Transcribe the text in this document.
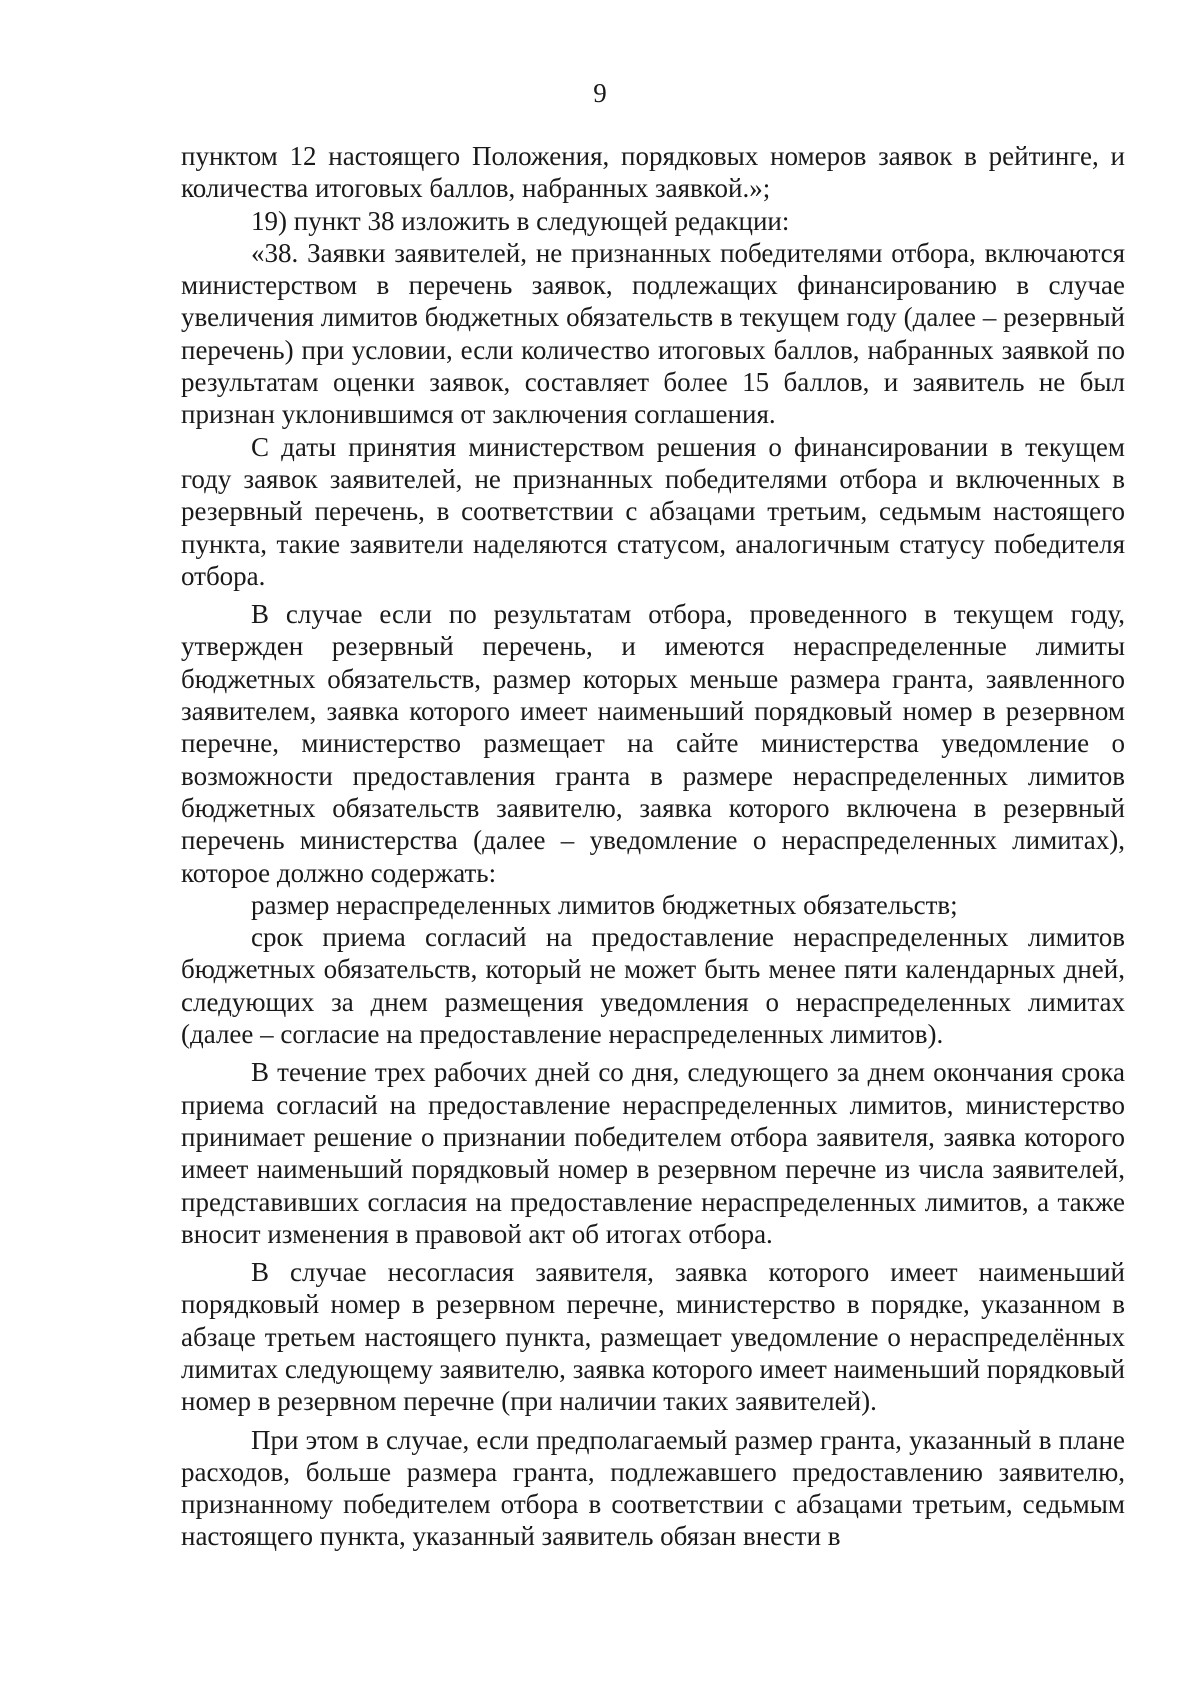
9

пунктом 12 настоящего Положения, порядковых номеров заявок в рейтинге, и количества итоговых баллов, набранных заявкой.»;

19) пункт 38 изложить в следующей редакции:

«38. Заявки заявителей, не признанных победителями отбора, включаются министерством в перечень заявок, подлежащих финансированию в случае увеличения лимитов бюджетных обязательств в текущем году (далее – резервный перечень) при условии, если количество итоговых баллов, набранных заявкой по результатам оценки заявок, составляет более 15 баллов, и заявитель не был признан уклонившимся от заключения соглашения.

С даты принятия министерством решения о финансировании в текущем году заявок заявителей, не признанных победителями отбора и включенных в резервный перечень, в соответствии с абзацами третьим, седьмым настоящего пункта, такие заявители наделяются статусом, аналогичным статусу победителя отбора.

В случае если по результатам отбора, проведенного в текущем году, утвержден резервный перечень, и имеются нераспределенные лимиты бюджетных обязательств, размер которых меньше размера гранта, заявленного заявителем, заявка которого имеет наименьший порядковый номер в резервном перечне, министерство размещает на сайте министерства уведомление о возможности предоставления гранта в размере нераспределенных лимитов бюджетных обязательств заявителю, заявка которого включена в резервный перечень министерства (далее – уведомление о нераспределенных лимитах), которое должно содержать:

размер нераспределенных лимитов бюджетных обязательств;

срок приема согласий на предоставление нераспределенных лимитов бюджетных обязательств, который не может быть менее пяти календарных дней, следующих за днем размещения уведомления о нераспределенных лимитах (далее – согласие на предоставление нераспределенных лимитов).

В течение трех рабочих дней со дня, следующего за днем окончания срока приема согласий на предоставление нераспределенных лимитов, министерство принимает решение о признании победителем отбора заявителя, заявка которого имеет наименьший порядковый номер в резервном перечне из числа заявителей, представивших согласия на предоставление нераспределенных лимитов, а также вносит изменения в правовой акт об итогах отбора.

В случае несогласия заявителя, заявка которого имеет наименьший порядковый номер в резервном перечне, министерство в порядке, указанном в абзаце третьем настоящего пункта, размещает уведомление о нераспределённых лимитах следующему заявителю, заявка которого имеет наименьший порядковый номер в резервном перечне (при наличии таких заявителей).

При этом в случае, если предполагаемый размер гранта, указанный в плане расходов, больше размера гранта, подлежавшего предоставлению заявителю, признанному победителем отбора в соответствии с абзацами третьим, седьмым настоящего пункта, указанный заявитель обязан внести в
